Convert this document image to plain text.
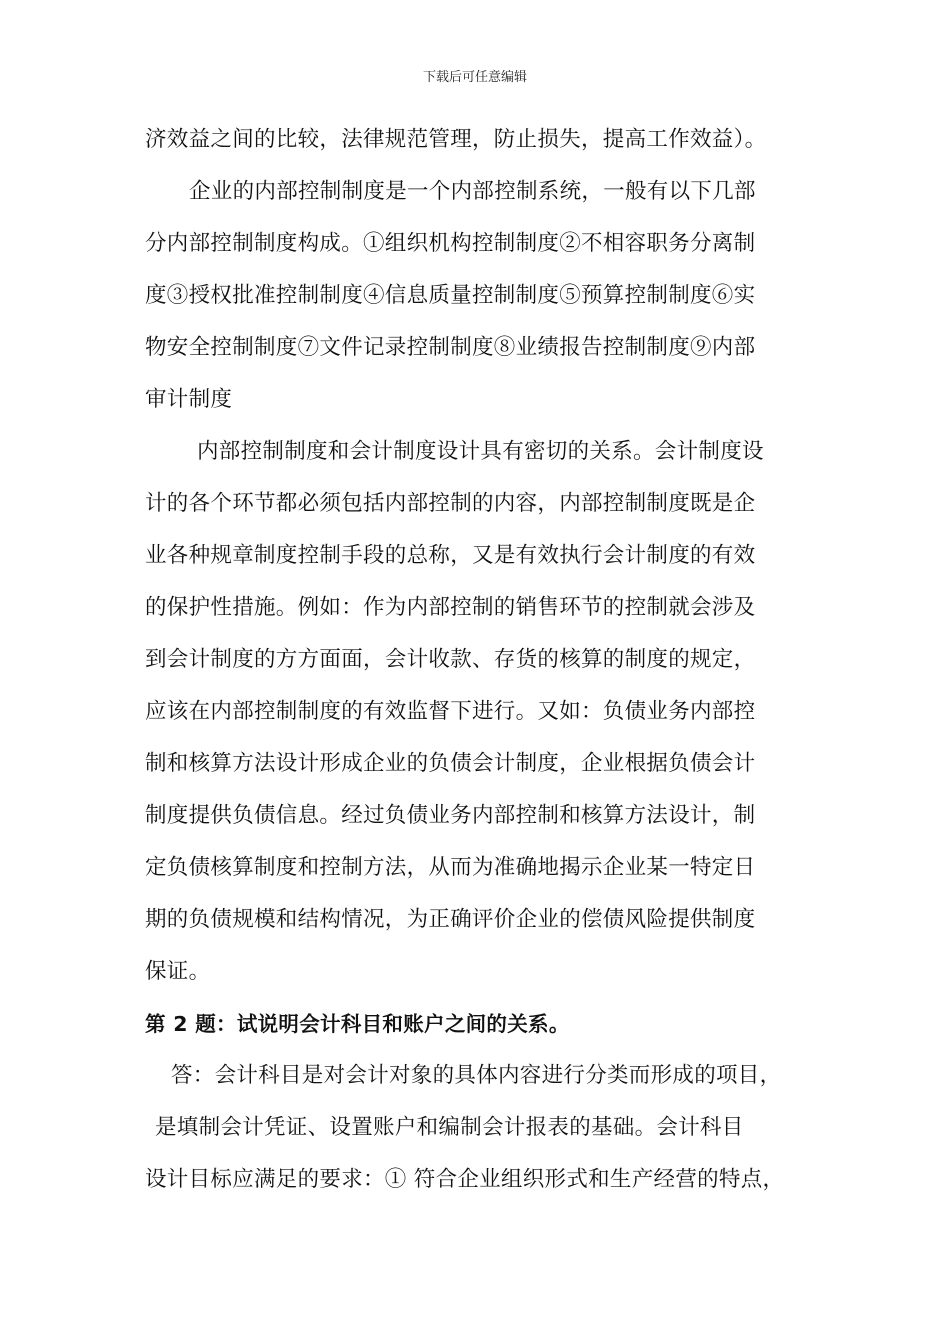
下载后可任意编辑
济效益之间的比较，法律规范管理，防止损失，提高工作效益）。
企业的内部控制制度是一个内部控制系统，一般有以下几部
分内部控制制度构成。①组织机构控制制度②不相容职务分离制
度③授权批准控制制度④信息质量控制制度⑤预算控制制度⑥实
物安全控制制度⑦文件记录控制制度⑧业绩报告控制制度⑨内部
审计制度
内部控制制度和会计制度设计具有密切的关系。会计制度设
计的各个环节都必须包括内部控制的内容，内部控制制度既是企
业各种规章制度控制手段的总称，又是有效执行会计制度的有效
的保护性措施。例如：作为内部控制的销售环节的控制就会涉及
到会计制度的方方面面，会计收款、存货的核算的制度的规定，
应该在内部控制制度的有效监督下进行。又如：负债业务内部控
制和核算方法设计形成企业的负债会计制度，企业根据负债会计
制度提供负债信息。经过负债业务内部控制和核算方法设计，制
定负债核算制度和控制方法，从而为准确地揭示企业某一特定日
期的负债规模和结构情况，为正确评价企业的偿债风险提供制度
保证。
第 2 题：试说明会计科目和账户之间的关系。
答：会计科目是对会计对象的具体内容进行分类而形成的项目，
是填制会计凭证、设置账户和编制会计报表的基础。会计科目
设计目标应满足的要求：① 符合企业组织形式和生产经营的特点，
